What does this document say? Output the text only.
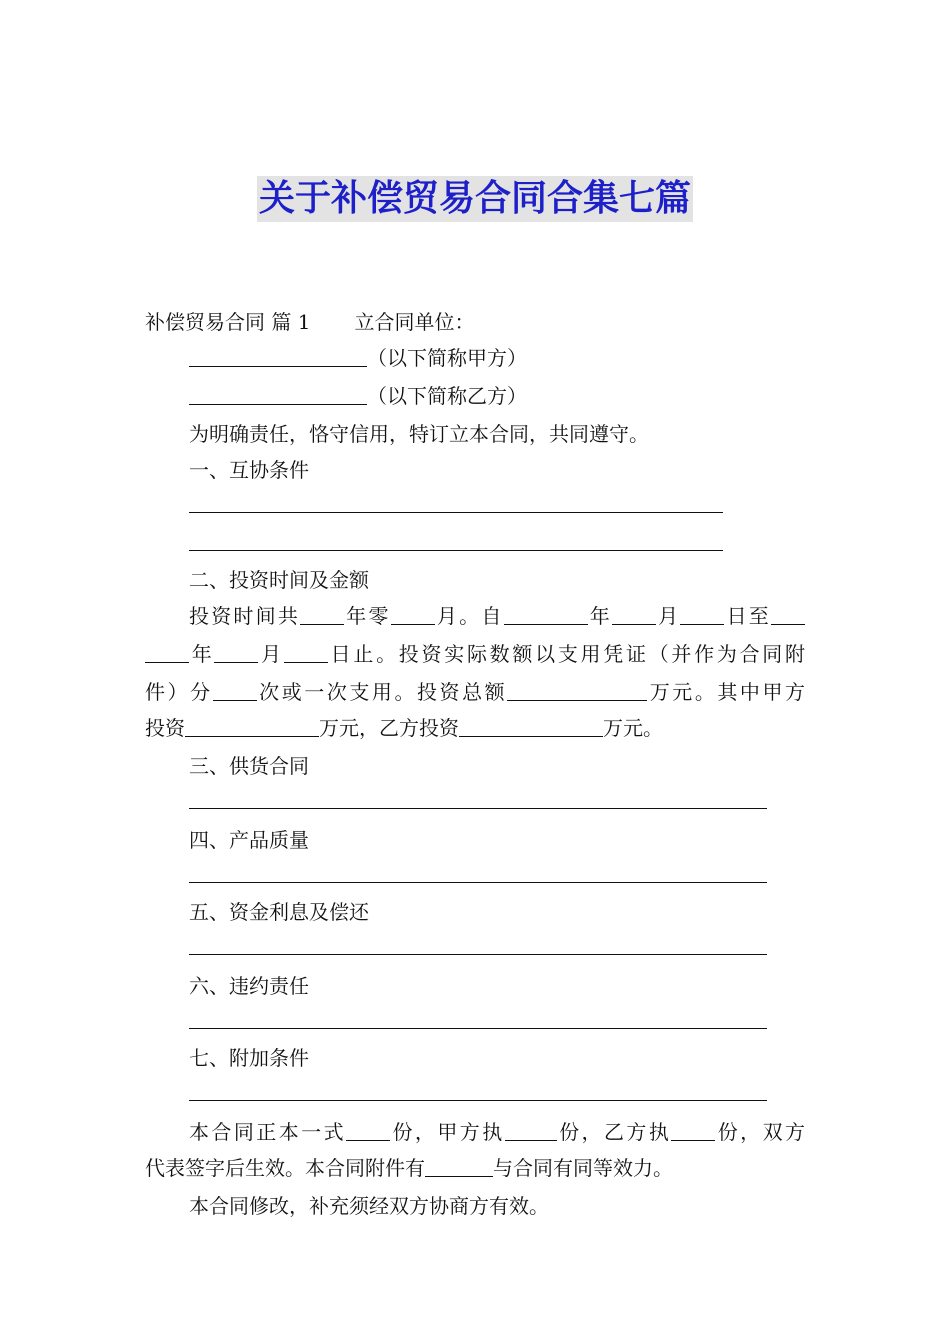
关于补偿贸易合同合集七篇
补偿贸易合同 篇 1 立合同单位：
（以下简称甲方）
（以下简称乙方）
为明确责任，恪守信用，特订立本合同，共同遵守。
一、互协条件
二、投资时间及金额
投资时间共 年零 月。自	年 月 日至
年 月 日止。投资实际数额以支用凭证（并作为合同附
件）分 次或一次支用。投资总额	万元。其中甲方
投资	万元，乙方投资	万元。
三、供货合同
四、产品质量
五、资金利息及偿还
六、违约责任
七、附加条件
本合同正本一式 份，甲方执	份，乙方执 份，双方
代表签字后生效。本合同附件有	与合同有同等效力。
本合同修改，补充须经双方协商方有效。
